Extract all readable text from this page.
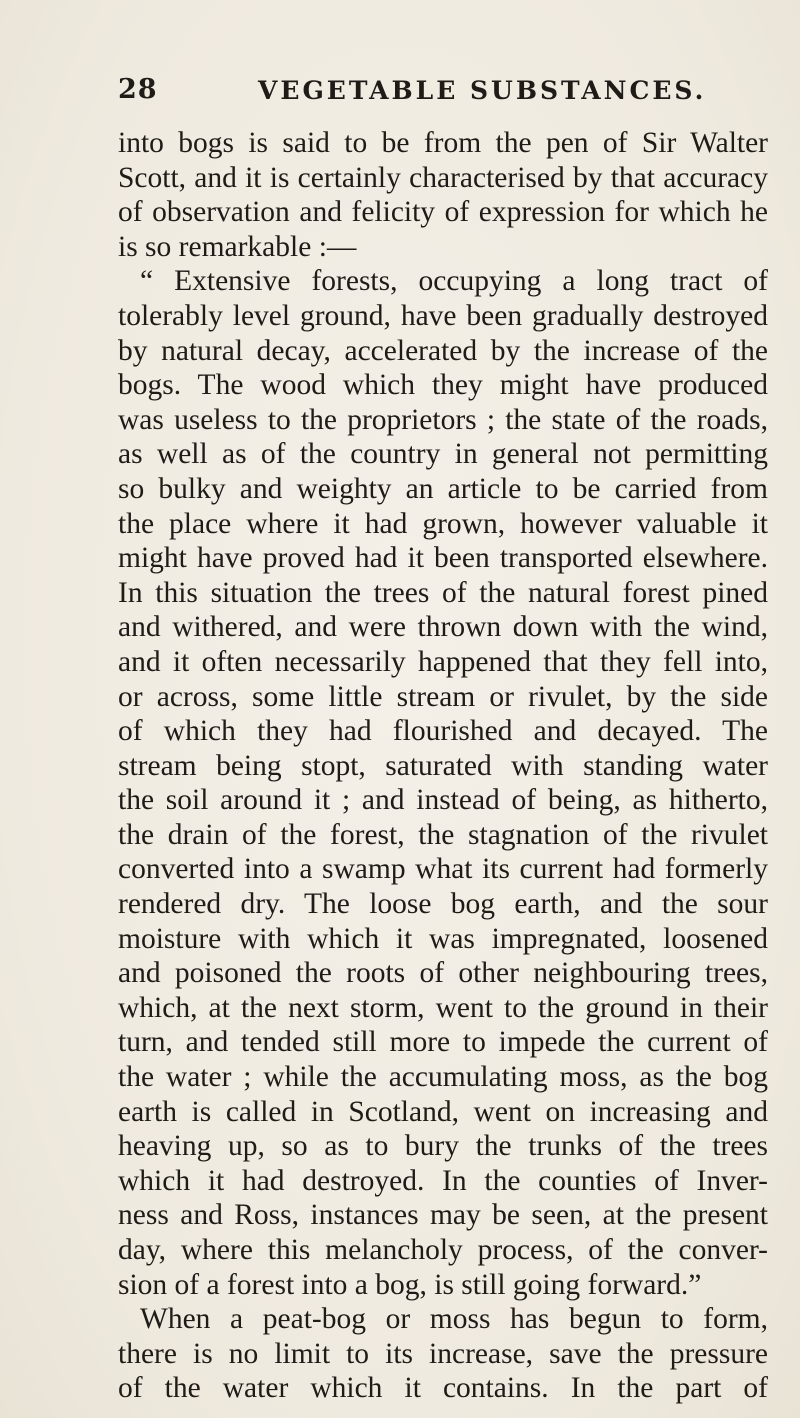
28	VEGETABLE SUBSTANCES.
into bogs is said to be from the pen of Sir Walter
Scott, and it is certainly characterised by that accuracy
of observation and felicity of expression for which he
is so remarkable :—
“ Extensive forests, occupying a long tract of
tolerably level ground, have been gradually destroyed
by natural decay, accelerated by the increase of the
bogs. The wood which they might have produced
was useless to the proprietors ; the state of the roads,
as well as of the country in general not permitting
so bulky and weighty an article to be carried from
the place where it had grown, however valuable it
might have proved had it been transported elsewhere.
In this situation the trees of the natural forest pined
and withered, and were thrown down with the wind,
and it often necessarily happened that they fell into,
or across, some little stream or rivulet, by the side
of which they had flourished and decayed. The
stream being stopt, saturated with standing water
the soil around it ; and instead of being, as hitherto,
the drain of the forest, the stagnation of the rivulet
converted into a swamp what its current had formerly
rendered dry. The loose bog earth, and the sour
moisture with which it was impregnated, loosened
and poisoned the roots of other neighbouring trees,
which, at the next storm, went to the ground in their
turn, and tended still more to impede the current of
the water ; while the accumulating moss, as the bog
earth is called in Scotland, went on increasing and
heaving up, so as to bury the trunks of the trees
which it had destroyed. In the counties of Inver-
ness and Ross, instances may be seen, at the present
day, where this melancholy process, of the conver-
sion of a forest into a bog, is still going forward.”
When a peat-bog or moss has begun to form,
there is no limit to its increase, save the pressure
of the water which it contains. In the part of
